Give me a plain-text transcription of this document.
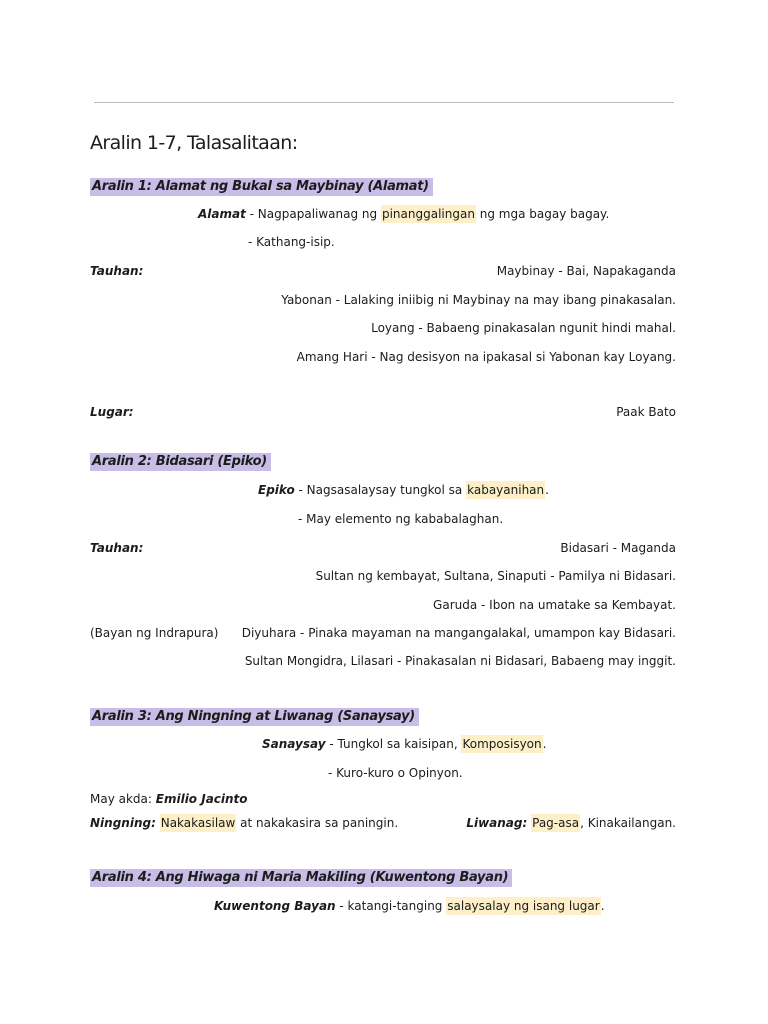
Aralin 1-7, Talasalitaan:
Aralin 1: Alamat ng Bukal sa Maybinay (Alamat)
Alamat - Nagpapaliwanag ng pinanggalingan ng mga bagay bagay.
- Kathang-isip.
Tauhan:	Maybinay - Bai, Napakaganda
Yabonan - Lalaking iniibig ni Maybinay na may ibang pinakasalan.
Loyang - Babaeng pinakasalan ngunit hindi mahal.
Amang Hari - Nag desisyon na ipakasal si Yabonan kay Loyang.
Lugar:	Paak Bato
Aralin 2: Bidasari (Epiko)
Epiko - Nagsasalaysay tungkol sa kabayanihan.
- May elemento ng kababalaghan.
Tauhan:	Bidasari - Maganda
Sultan ng kembayat, Sultana, Sinaputi - Pamilya ni Bidasari.
Garuda - Ibon na umatake sa Kembayat.
(Bayan ng Indrapura) Diyuhara - Pinaka mayaman na mangangalakal, umampon kay Bidasari.
Sultan Mongidra, Lilasari - Pinakasalan ni Bidasari, Babaeng may inggit.
Aralin 3: Ang Ningning at Liwanag (Sanaysay)
Sanaysay - Tungkol sa kaisipan, Komposisyon.
- Kuro-kuro o Opinyon.
May akda: Emilio Jacinto
Ningning: Nakakasilaw at nakakasira sa paningin.	Liwanag: Pag-asa, Kinakailangan.
Aralin 4: Ang Hiwaga ni Maria Makiling (Kuwentong Bayan)
Kuwentong Bayan - katangi-tanging salaysalay ng isang lugar.
